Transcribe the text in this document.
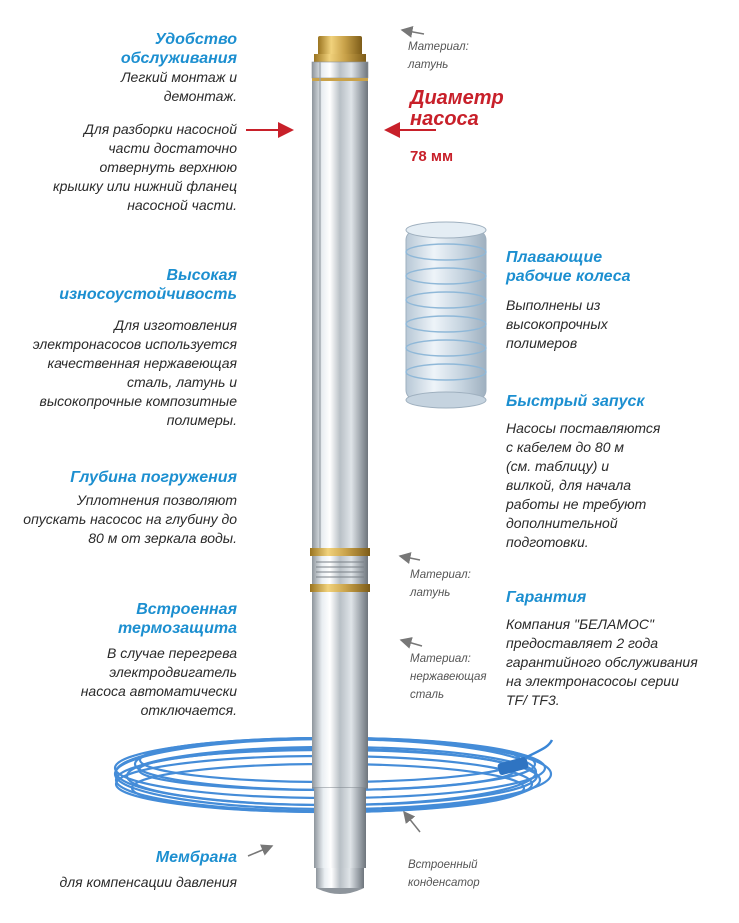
Удобство
обслуживания
Легкий монтаж и
демонтаж.
Для разборки насосной
части достаточно
отвернуть верхнюю
крышку или нижний фланец
насосной части.
Высокая
износоустойчивость
Для изготовления
электронасосов используется
качественная нержавеющая
сталь, латунь и
высокопрочные композитные
полимеры.
Глубина погружения
Уплотнения позволяют
опускать насосос на глубину до
80 м от зеркала воды.
Встроенная
термозащита
В случае перегрева
электродвигатель
насоса автоматически
отключается.
Мембрана
для компенсации давления
Плавающие
рабочие колеса
Выполнены из
высокопрочных
полимеров
Быстрый запуск
Насосы поставляются
с кабелем до 80 м
(см. таблицу) и
вилкой, для начала
работы не требуют
дополнительной
подготовки.
Гарантия
Компания "БЕЛАМОС"
предоставляет 2 года
гарантийного обслуживания
на электронасосоы серии
TF/ TF3.
Диаметр
насоса
78 мм
Материал:
латунь
Материал:
латунь
Материал:
нержавеющая
сталь
Встроенный
конденсатор
